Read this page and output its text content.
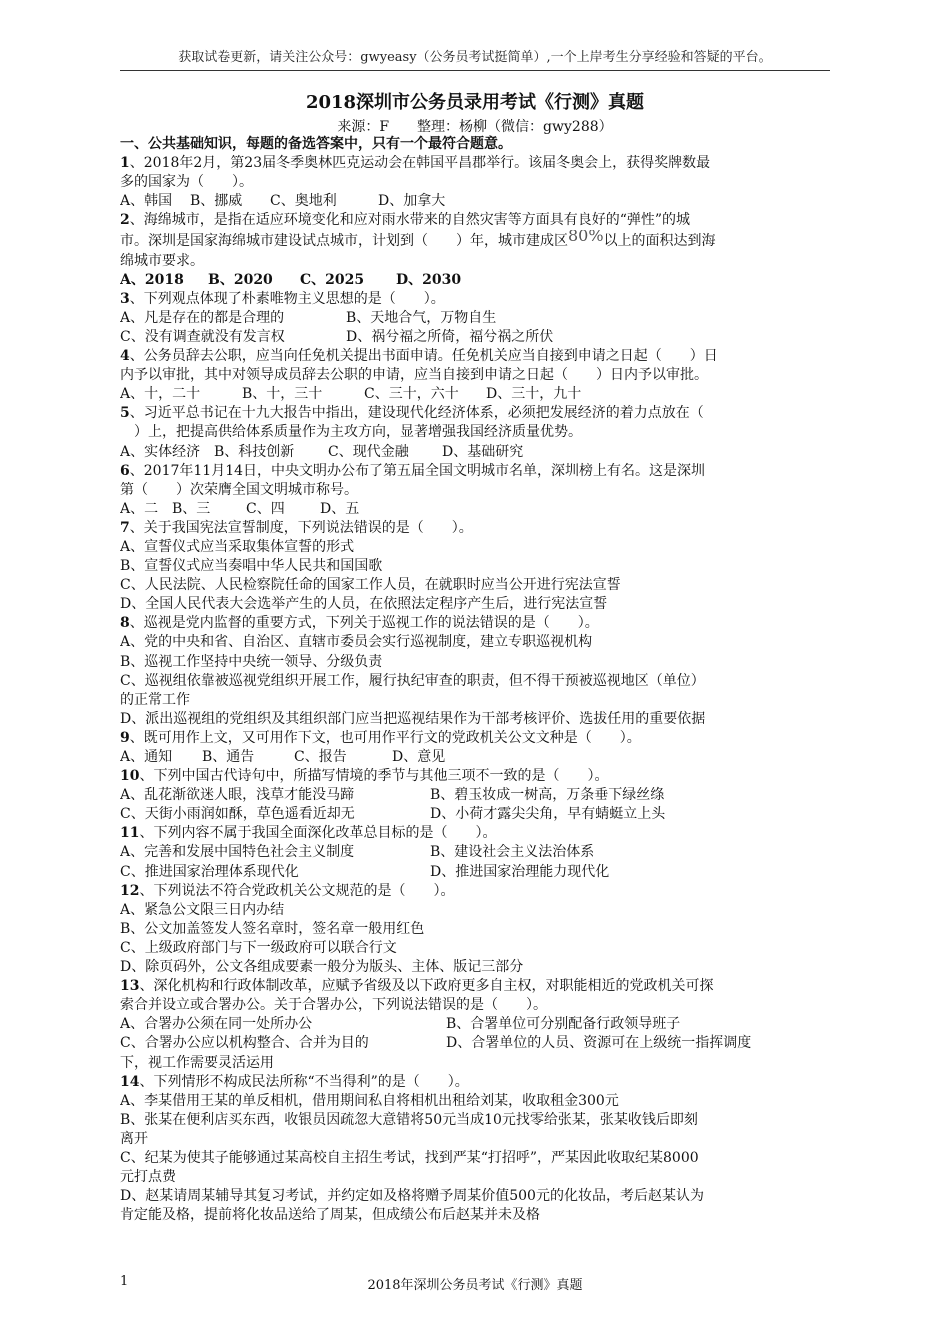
获取试卷更新，请关注公众号：gwyeasy（公务员考试挺简单）,一个上岸考生分享经验和答疑的平台。
2018深圳市公务员录用考试《行测》真题
来源：F　　整理：杨柳（微信：gwy288）
一、公共基础知识，每题的备选答案中，只有一个最符合题意。
1、2018年2月，第23届冬季奥林匹克运动会在韩国平昌郡举行。该届冬奥会上，获得奖牌数最
多的国家为（　　）。
A、韩国 B、挪威 C、奥地利	D、加拿大
2、海绵城市，是指在适应环境变化和应对雨水带来的自然灾害等方面具有良好的“弹性”的城
市。深圳是国家海绵城市建设试点城市，计划到（　　）年，城市建成区80%以上的面积达到海
绵城市要求。
A、2018 B、2020 C、2025 D、2030
3、下列观点体现了朴素唯物主义思想的是（　　）。
A、凡是存在的都是合理的	B、天地合气，万物自生
C、没有调查就没有发言权	D、祸兮福之所倚，福兮祸之所伏
4、公务员辞去公职，应当向任免机关提出书面申请。任免机关应当自接到申请之日起（　　）日
内予以审批，其中对领导成员辞去公职的申请，应当自接到申请之日起（　　）日内予以审批。
A、十，二十	B、十，三十	C、三十，六十 D、三十，九十
5、习近平总书记在十九大报告中指出，建设现代化经济体系，必须把发展经济的着力点放在（
　）上，把提高供给体系质量作为主攻方向，显著增强我国经济质量优势。
A、实体经济 B、科技创新 C、现代金融 D、基础研究
6、2017年11月14日，中央文明办公布了第五届全国文明城市名单，深圳榜上有名。这是深圳
第（　　）次荣膺全国文明城市称号。
A、二 B、三	C、四	D、五
7、关于我国宪法宣誓制度，下列说法错误的是（　　）。
A、宣誓仪式应当采取集体宣誓的形式
B、宣誓仪式应当奏唱中华人民共和国国歌
C、人民法院、人民检察院任命的国家工作人员，在就职时应当公开进行宪法宣誓
D、全国人民代表大会选举产生的人员，在依照法定程序产生后，进行宪法宣誓
8、巡视是党内监督的重要方式，下列关于巡视工作的说法错误的是（　　）。
A、党的中央和省、自治区、直辖市委员会实行巡视制度，建立专职巡视机构
B、巡视工作坚持中央统一领导、分级负责
C、巡视组依靠被巡视党组织开展工作，履行执纪审查的职责，但不得干预被巡视地区（单位）
的正常工作
D、派出巡视组的党组织及其组织部门应当把巡视结果作为干部考核评价、选拔任用的重要依据
9、既可用作上文，又可用作下文，也可用作平行文的党政机关公文文种是（　　）。
A、通知 B、通告	C、报告	D、意见
10、下列中国古代诗句中，所描写情境的季节与其他三项不一致的是（　　）。
A、乱花渐欲迷人眼，浅草才能没马蹄	B、碧玉妆成一树高，万条垂下绿丝绦
C、天街小雨润如酥，草色遥看近却无	D、小荷才露尖尖角，早有蜻蜓立上头
11、下列内容不属于我国全面深化改革总目标的是（　　）。
A、完善和发展中国特色社会主义制度	B、建设社会主义法治体系
C、推进国家治理体系现代化	D、推进国家治理能力现代化
12、下列说法不符合党政机关公文规范的是（　　）。
A、紧急公文限三日内办结
B、公文加盖签发人签名章时，签名章一般用红色
C、上级政府部门与下一级政府可以联合行文
D、除页码外，公文各组成要素一般分为版头、主体、版记三部分
13、深化机构和行政体制改革，应赋予省级及以下政府更多自主权，对职能相近的党政机关可探
索合并设立或合署办公。关于合署办公，下列说法错误的是（　　）。
A、合署办公须在同一处所办公	B、合署单位可分别配备行政领导班子
C、合署办公应以机构整合、合并为目的	D、合署单位的人员、资源可在上级统一指挥调度
下，视工作需要灵活运用
14、下列情形不构成民法所称“不当得利”的是（　　）。
A、李某借用王某的单反相机，借用期间私自将相机出租给刘某，收取租金300元
B、张某在便利店买东西，收银员因疏忽大意错将50元当成10元找零给张某，张某收钱后即刻
离开
C、纪某为使其子能够通过某高校自主招生考试，找到严某“打招呼”，严某因此收取纪某8000
元打点费
D、赵某请周某辅导其复习考试，并约定如及格将赠予周某价值500元的化妆品，考后赵某认为
肯定能及格，提前将化妆品送给了周某，但成绩公布后赵某并未及格
2018年深圳公务员考试《行测》真题
1
